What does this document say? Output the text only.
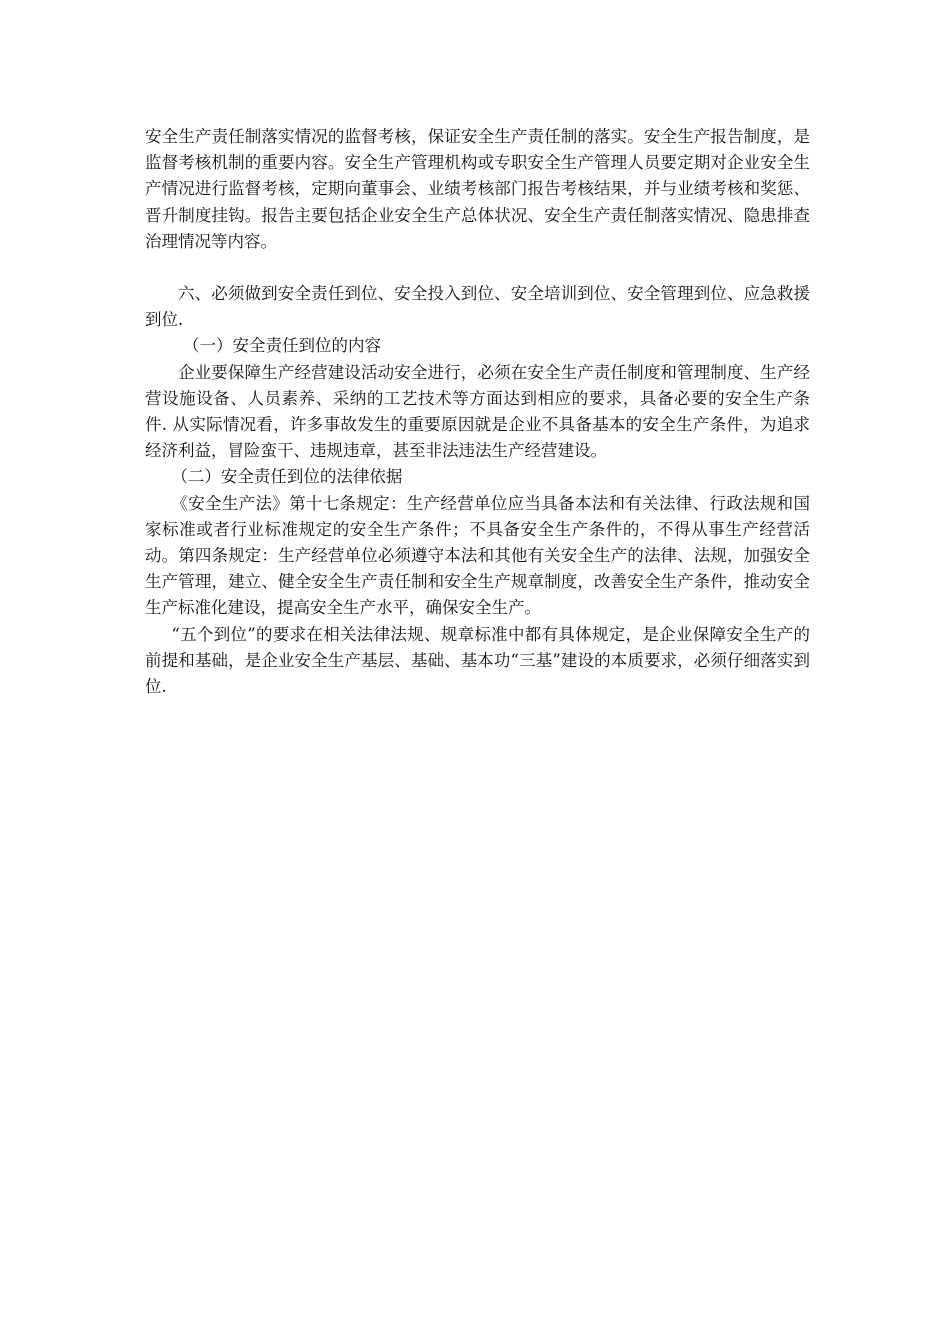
安全生产责任制落实情况的监督考核，保证安全生产责任制的落实。安全生产报告制度，是监督考核机制的重要内容。安全生产管理机构或专职安全生产管理人员要定期对企业安全生产情况进行监督考核，定期向董事会、业绩考核部门报告考核结果，并与业绩考核和奖惩、晋升制度挂钩。报告主要包括企业安全生产总体状况、安全生产责任制落实情况、隐患排查治理情况等内容。

六、必须做到安全责任到位、安全投入到位、安全培训到位、安全管理到位、应急救援到位.

（一）安全责任到位的内容

企业要保障生产经营建设活动安全进行，必须在安全生产责任制度和管理制度、生产经营设施设备、人员素养、采纳的工艺技术等方面达到相应的要求，具备必要的安全生产条件. 从实际情况看，许多事故发生的重要原因就是企业不具备基本的安全生产条件，为追求经济利益，冒险蛮干、违规违章，甚至非法违法生产经营建设。

（二）安全责任到位的法律依据

《安全生产法》第十七条规定：生产经营单位应当具备本法和有关法律、行政法规和国家标准或者行业标准规定的安全生产条件；不具备安全生产条件的，不得从事生产经营活动。第四条规定：生产经营单位必须遵守本法和其他有关安全生产的法律、法规，加强安全生产管理，建立、健全安全生产责任制和安全生产规章制度，改善安全生产条件，推动安全生产标准化建设，提高安全生产水平，确保安全生产。

“五个到位”的要求在相关法律法规、规章标准中都有具体规定，是企业保障安全生产的前提和基础，是企业安全生产基层、基础、基本功“三基”建设的本质要求，必须仔细落实到位.
